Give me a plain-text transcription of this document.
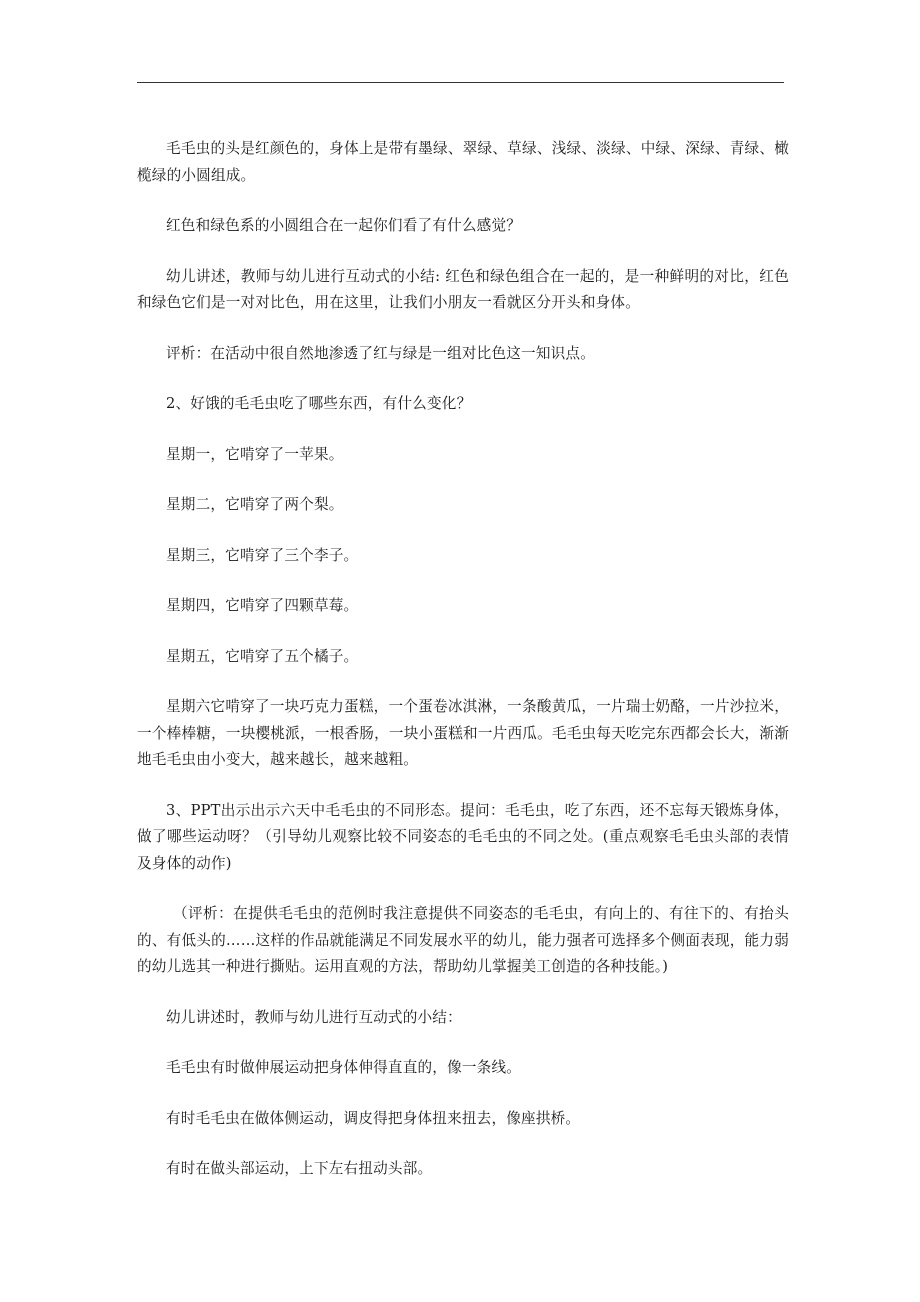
毛毛虫的头是红颜色的，身体上是带有墨绿、翠绿、草绿、浅绿、淡绿、中绿、深绿、青绿、橄榄绿的小圆组成。

红色和绿色系的小圆组合在一起你们看了有什么感觉？

幼儿讲述，教师与幼儿进行互动式的小结: 红色和绿色组合在一起的，是一种鲜明的对比，红色和绿色它们是一对对比色，用在这里，让我们小朋友一看就区分开头和身体。

评析：在活动中很自然地渗透了红与绿是一组对比色这一知识点。

2、好饿的毛毛虫吃了哪些东西，有什么变化？

星期一，它啃穿了一苹果。

星期二，它啃穿了两个梨。

星期三，它啃穿了三个李子。

星期四，它啃穿了四颗草莓。

星期五，它啃穿了五个橘子。

星期六它啃穿了一块巧克力蛋糕，一个蛋卷冰淇淋，一条酸黄瓜，一片瑞士奶酪，一片沙拉米，一个棒棒糖，一块樱桃派，一根香肠，一块小蛋糕和一片西瓜。毛毛虫每天吃完东西都会长大，渐渐地毛毛虫由小变大，越来越长，越来越粗。

3、PPT出示出示六天中毛毛虫的不同形态。提问：毛毛虫，吃了东西，还不忘每天锻炼身体，做了哪些运动呀？（引导幼儿观察比较不同姿态的毛毛虫的不同之处。(重点观察毛毛虫头部的表情及身体的动作)

（评析：在提供毛毛虫的范例时我注意提供不同姿态的毛毛虫，有向上的、有往下的、有抬头的、有低头的……这样的作品就能满足不同发展水平的幼儿，能力强者可选择多个侧面表现，能力弱的幼儿选其一种进行撕贴。运用直观的方法，帮助幼儿掌握美工创造的各种技能。)

幼儿讲述时，教师与幼儿进行互动式的小结：

毛毛虫有时做伸展运动把身体伸得直直的，像一条线。

有时毛毛虫在做体侧运动，调皮得把身体扭来扭去，像座拱桥。

有时在做头部运动，上下左右扭动头部。
